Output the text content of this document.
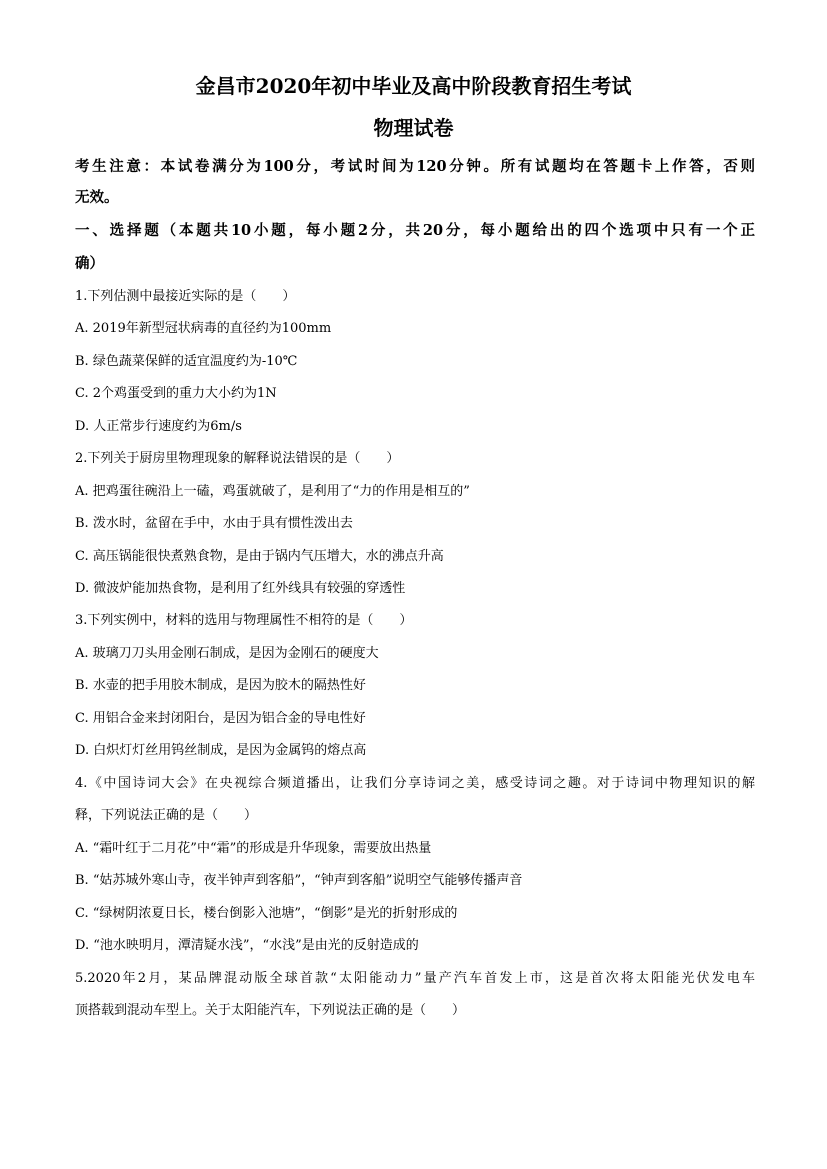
金昌市2020年初中毕业及高中阶段教育招生考试
物理试卷
考生注意：本试卷满分为100分，考试时间为120分钟。所有试题均在答题卡上作答，否则
无效。
一、选择题（本题共10小题，每小题2分，共20分，每小题给出的四个选项中只有一个正
确）
1.下列估测中最接近实际的是（　　）
A. 2019年新型冠状病毒的直径约为100mm
B. 绿色蔬菜保鲜的适宜温度约为-10℃
C. 2个鸡蛋受到的重力大小约为1N
D. 人正常步行速度约为6m/s
2.下列关于厨房里物理现象的解释说法错误的是（　　）
A. 把鸡蛋往碗沿上一磕，鸡蛋就破了，是利用了“力的作用是相互的”
B. 泼水时，盆留在手中，水由于具有惯性泼出去
C. 高压锅能很快煮熟食物，是由于锅内气压增大，水的沸点升高
D. 微波炉能加热食物，是利用了红外线具有较强的穿透性
3.下列实例中，材料的选用与物理属性不相符的是（　　）
A. 玻璃刀刀头用金刚石制成，是因为金刚石的硬度大
B. 水壶的把手用胶木制成，是因为胶木的隔热性好
C. 用铝合金来封闭阳台，是因为铝合金的导电性好
D. 白炽灯灯丝用钨丝制成，是因为金属钨的熔点高
4.《中国诗词大会》在央视综合频道播出，让我们分享诗词之美，感受诗词之趣。对于诗词中物理知识的解
释，下列说法正确的是（　　）
A. “霜叶红于二月花”中“霜”的形成是升华现象，需要放出热量
B. “姑苏城外寒山寺，夜半钟声到客船”，“钟声到客船”说明空气能够传播声音
C. “绿树阴浓夏日长，楼台倒影入池塘”，“倒影”是光的折射形成的
D. “池水映明月，潭清疑水浅”，“水浅”是由光的反射造成的
5.2020年2月，某品牌混动版全球首款“太阳能动力”量产汽车首发上市，这是首次将太阳能光伏发电车
顶搭载到混动车型上。关于太阳能汽车，下列说法正确的是（　　）
